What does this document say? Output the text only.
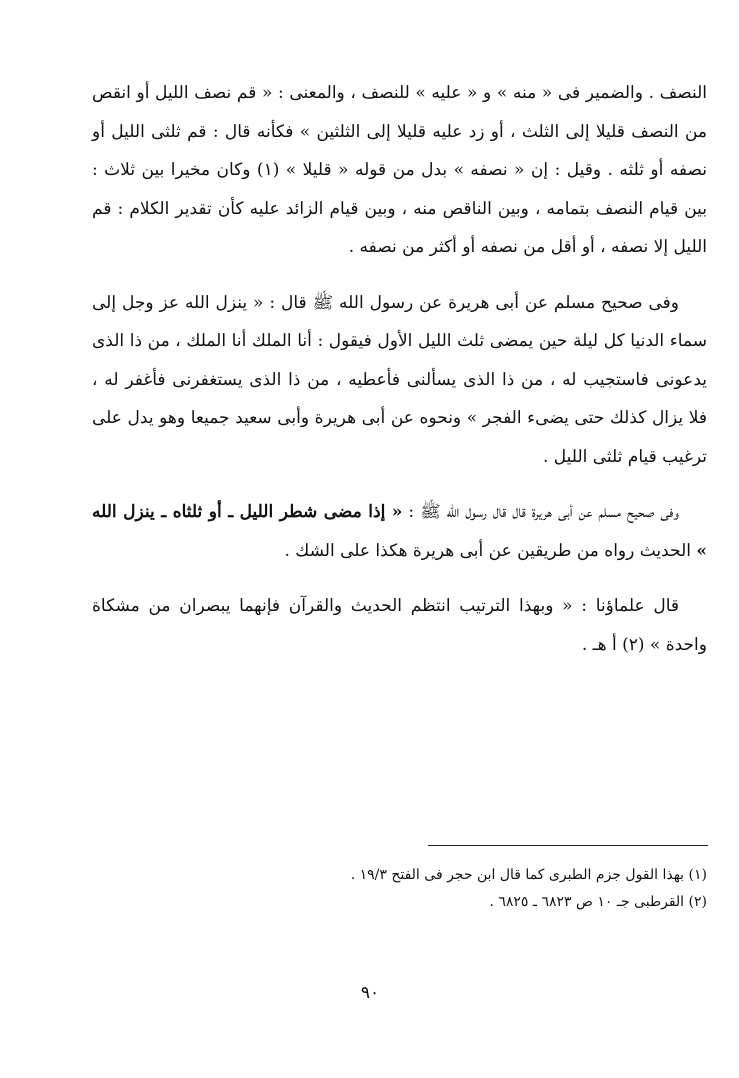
النصف . والضمير فى « منه » و « عليه » للنصف ، والمعنى : « قم نصف الليل أو انقص من النصف قليلا إلى الثلث ، أو زد عليه قليلا إلى الثلثين » فكأنه قال : قم ثلثى الليل أو نصفه أو ثلثه . وقيل : إن « نصفه » بدل من قوله « قليلا » (١) وكان مخيرا بين ثلاث : بين قيام النصف بتمامه ، وبين الناقص منه ، وبين قيام الزائد عليه كأن تقدير الكلام : قم الليل إلا نصفه ، أو أقل من نصفه أو أكثر من نصفه .

وفى صحيح مسلم عن أبى هريرة عن رسول الله ﷺ قال : « ينزل الله عز وجل إلى سماء الدنيا كل ليلة حين يمضى ثلث الليل الأول فيقول : أنا الملك أنا الملك ، من ذا الذى يدعونى فاستجيب له ، من ذا الذى يسألنى فأعطيه ، من ذا الذى يستغفرنى فأغفر له ، فلا يزال كذلك حتى يضىء الفجر » ونحوه عن أبى هريرة وأبى سعيد جميعا وهو يدل على ترغيب قيام ثلثى الليل .

وفى صحيح مسلم عن أبى هريرة قال قال رسول الله ﷺ : « إذا مضى شطر الليل ـ أو ثلثاه ـ ينزل الله » الحديث رواه من طريقين عن أبى هريرة هكذا على الشك .

قال علماؤنا : « وبهذا الترتيب انتظم الحديث والقرآن فإنهما يبصران من مشكاة واحدة » (٢) أ هـ .

(١) بهذا القول جزم الطبرى كما قال ابن حجر فى الفتح ١٩/٣ .

(٢) القرطبى جـ ١٠ ص ٦٨٢٣ ـ ٦٨٢٥ .

٩٠
